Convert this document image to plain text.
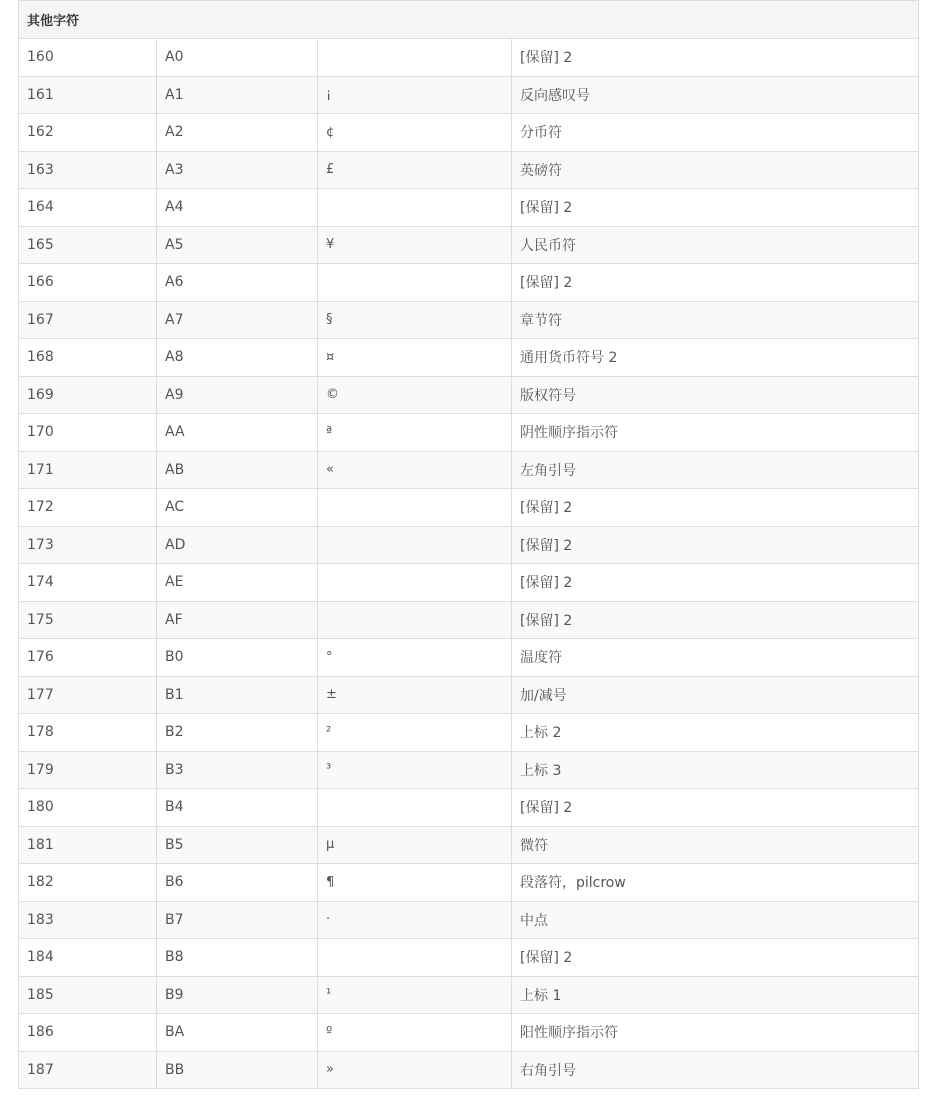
其他字符			
160	A0		[保留] 2
161	A1	¡	反向感叹号
162	A2	¢	分币符
163	A3	£	英磅符
164	A4		[保留] 2
165	A5	¥	人民币符
166	A6		[保留] 2
167	A7	§	章节符
168	A8	¤	通用货币符号 2
169	A9	©	版权符号
170	AA	ª	阴性顺序指示符
171	AB	«	左角引号
172	AC		[保留] 2
173	AD		[保留] 2
174	AE		[保留] 2
175	AF		[保留] 2
176	B0	°	温度符
177	B1	±	加/减号
178	B2	²	上标 2
179	B3	³	上标 3
180	B4		[保留] 2
181	B5	µ	微符
182	B6	¶	段落符，pilcrow
183	B7	·	中点
184	B8		[保留] 2
185	B9	¹	上标 1
186	BA	º	阳性顺序指示符
187	BB	»	右角引号
